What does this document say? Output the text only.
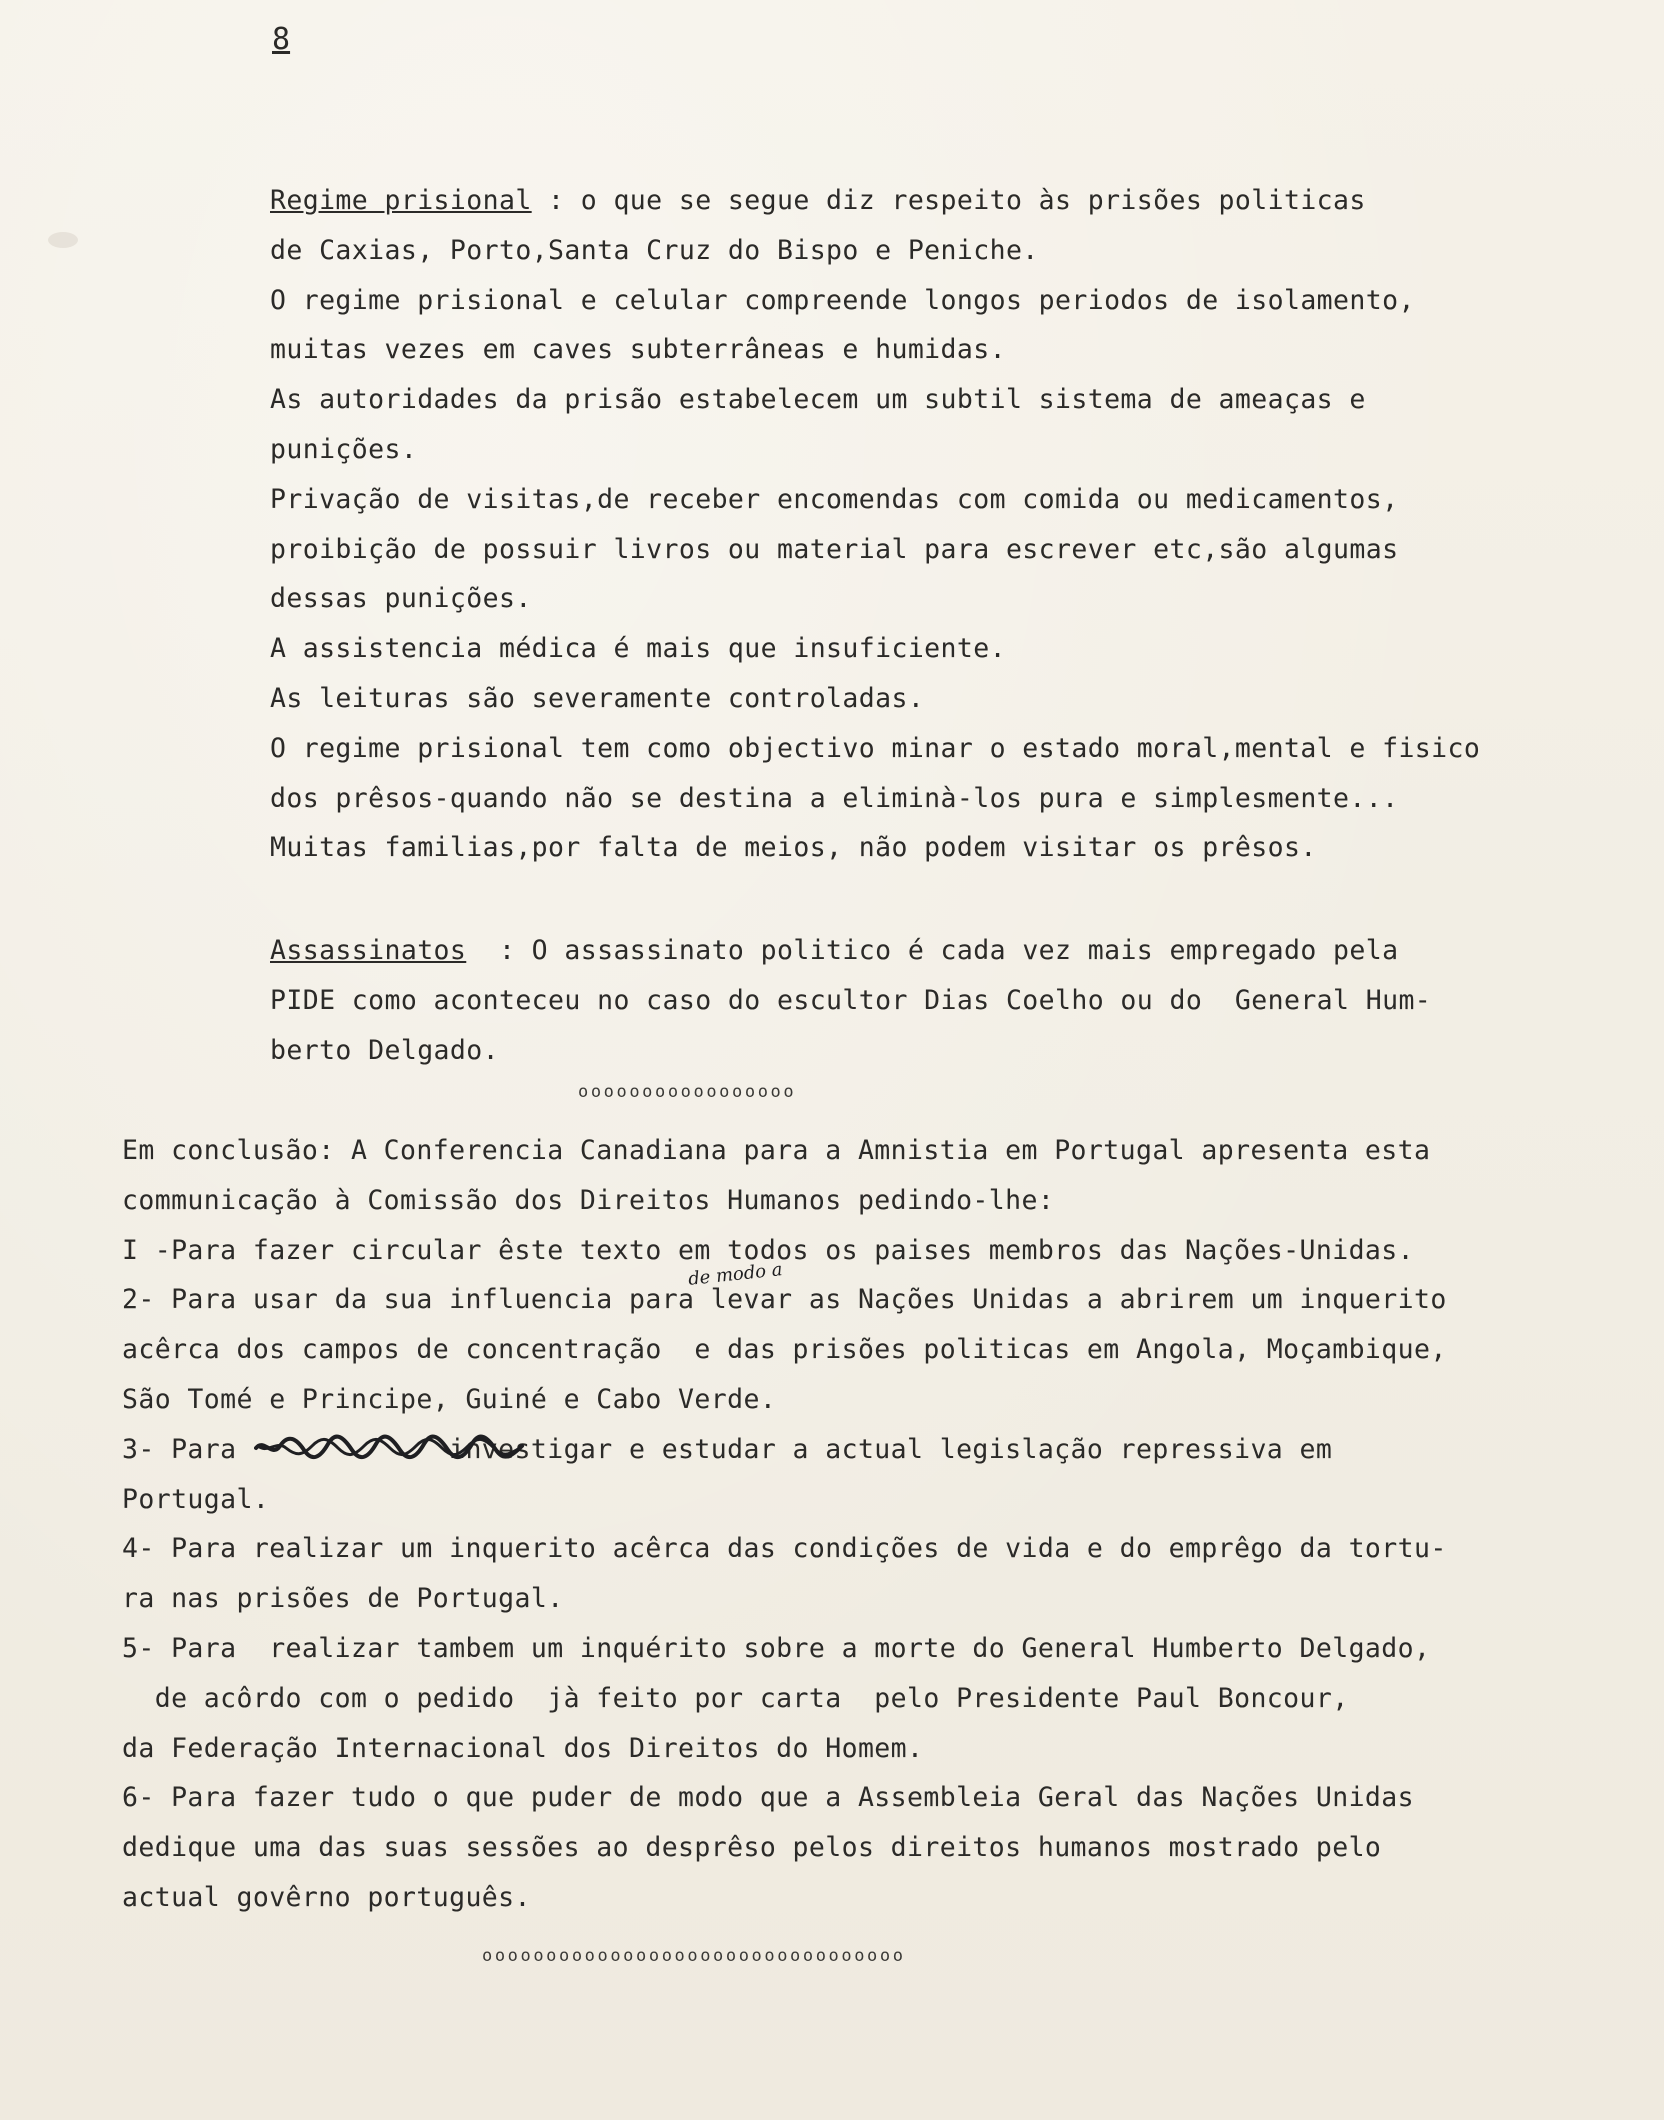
8
Regime prisional : o que se segue diz respeito às prisões politicas
de Caxias, Porto,Santa Cruz do Bispo e Peniche.
O regime prisional e celular compreende longos periodos de isolamento,
muitas vezes em caves subterrâneas e humidas.
As autoridades da prisão estabelecem um subtil sistema de ameaças e
punições.
Privação de visitas,de receber encomendas com comida ou medicamentos,
proibição de possuir livros ou material para escrever etc,são algumas
dessas punições.
A assistencia médica é mais que insuficiente.
As leituras são severamente controladas.
O regime prisional tem como objectivo minar o estado moral,mental e fisico
dos prêsos-quando não se destina a eliminà-los pura e simplesmente...
Muitas familias,por falta de meios, não podem visitar os prêsos.
Assassinatos  : O assassinato politico é cada vez mais empregado pela
PIDE como aconteceu no caso do escultor Dias Coelho ou do  General Hum-
berto Delgado.
ooooooooooooooooo
Em conclusão: A Conferencia Canadiana para a Amnistia em Portugal apresenta esta
communicação à Comissão dos Direitos Humanos pedindo-lhe:
I -Para fazer circular êste texto em todos os paises membros das Nações-Unidas.
2- Para usar da sua influencia para levar as Nações Unidas a abrirem um inquerito
acêrca dos campos de concentração  e das prisões politicas em Angola, Moçambique,
São Tomé e Principe, Guiné e Cabo Verde.
3- Para             investigar e estudar a actual legislação repressiva em
Portugal.
4- Para realizar um inquerito acêrca das condições de vida e do emprêgo da tortu-
ra nas prisões de Portugal.
5- Para  realizar tambem um inquérito sobre a morte do General Humberto Delgado,
de acôrdo com o pedido  jà feito por carta  pelo Presidente Paul Boncour,
da Federação Internacional dos Direitos do Homem.
6- Para fazer tudo o que puder de modo que a Assembleia Geral das Nações Unidas
dedique uma das suas sessões ao desprêso pelos direitos humanos mostrado pelo
actual govêrno português.
de modo a
ooooooooooooooooooooooooooooooooo
